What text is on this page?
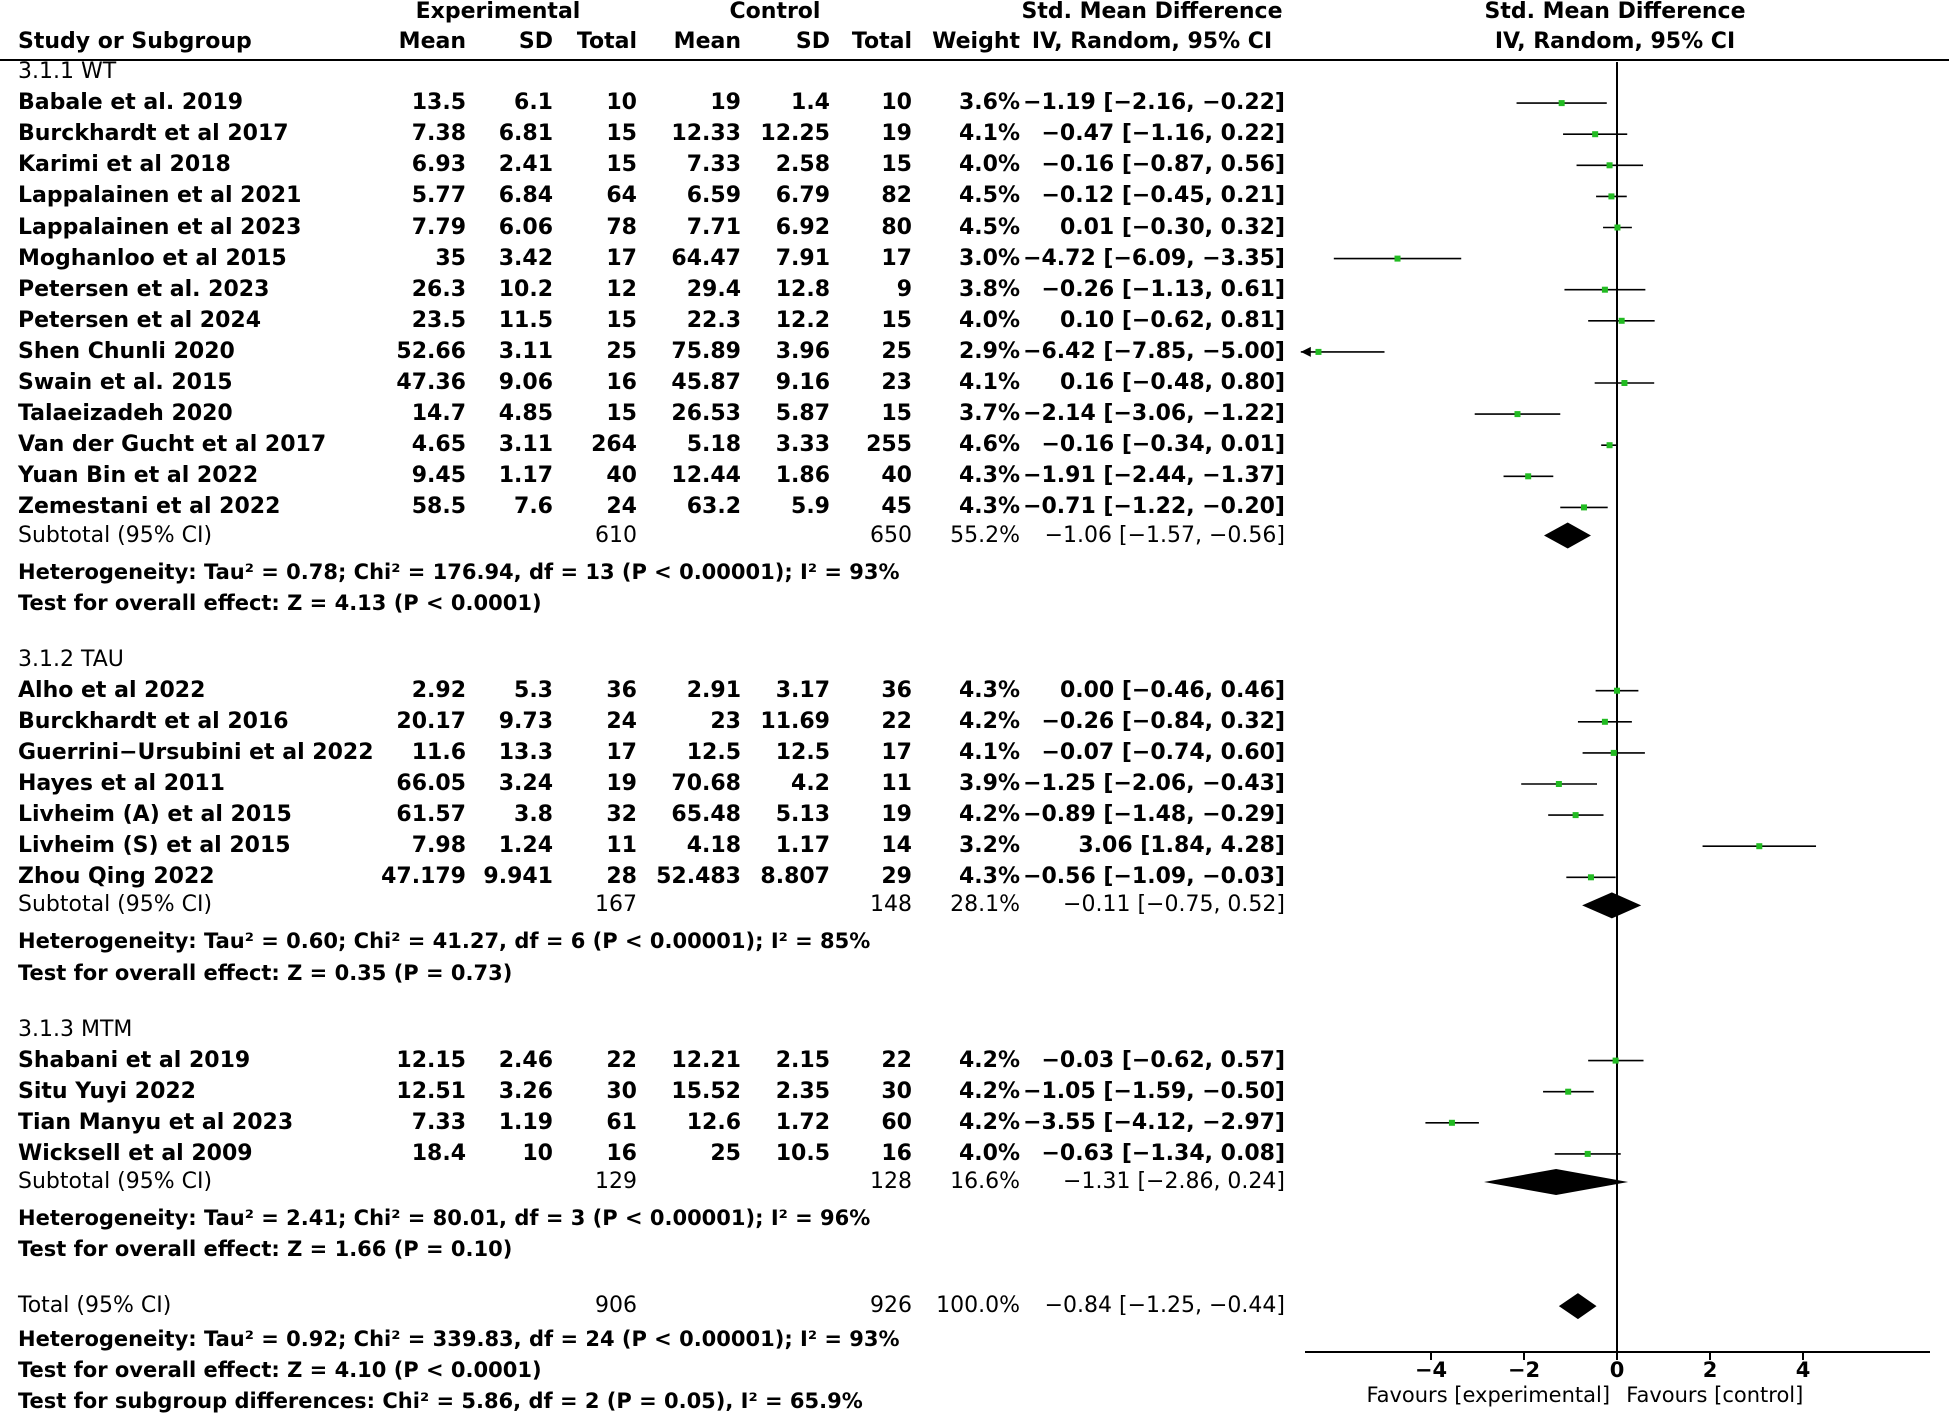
Experimental	Control	Std. Mean Difference	Std. Mean Difference
Study or Subgroup	Mean SD Total Mean SD Total Weight IV, Random, 95% CI	IV, Random, 95% CI
3.1.1 WT
Babale et al. 2019	13.5 6.1 10	19 1.4 10 3.6% −1.19 [−2.16, −0.22]
Burckhardt et al 2017	7.38 6.81 15 12.33 12.25 19 4.1% −0.47 [−1.16, 0.22]
Karimi et al 2018	6.93 2.41 15 7.33 2.58 15 4.0% −0.16 [−0.87, 0.56]
Lappalainen et al 2021	5.77 6.84 64 6.59 6.79 82 4.5% −0.12 [−0.45, 0.21]
Lappalainen et al 2023	7.79 6.06 78 7.71 6.92 80 4.5% 0.01 [−0.30, 0.32]
Moghanloo et al 2015	35 3.42 17 64.47 7.91 17 3.0% −4.72 [−6.09, −3.35]
Petersen et al. 2023	26.3 10.2 12 29.4 12.8	9 3.8% −0.26 [−1.13, 0.61]
Petersen et al 2024	23.5 11.5 15 22.3 12.2 15 4.0% 0.10 [−0.62, 0.81]
Shen Chunli 2020	52.66 3.11 25 75.89 3.96 25 2.9% −6.42 [−7.85, −5.00]
Swain et al. 2015	47.36 9.06 16 45.87 9.16 23 4.1% 0.16 [−0.48, 0.80]
Talaeizadeh 2020	14.7 4.85 15 26.53 5.87 15 3.7% −2.14 [−3.06, −1.22]
Van der Gucht et al 2017	4.65 3.11 264 5.18 3.33 255 4.6% −0.16 [−0.34, 0.01]
Yuan Bin et al 2022	9.45 1.17 40 12.44 1.86 40 4.3% −1.91 [−2.44, −1.37]
Zemestani et al 2022	58.5 7.6 24 63.2 5.9 45 4.3% −0.71 [−1.22, −0.20]
Subtotal (95% CI)	610	650 55.2% −1.06 [−1.57, −0.56]
Heterogeneity: Tau² = 0.78; Chi² = 176.94, df = 13 (P < 0.00001); I² = 93%
Test for overall effect: Z = 4.13 (P < 0.0001)
3.1.2 TAU
Alho et al 2022	2.92 5.3 36 2.91 3.17 36 4.3% 0.00 [−0.46, 0.46]
Burckhardt et al 2016	20.17 9.73 24	23 11.69 22 4.2% −0.26 [−0.84, 0.32]
Guerrini−Ursubini et al 2022 11.6 13.3 17 12.5 12.5 17 4.1% −0.07 [−0.74, 0.60]
Hayes et al 2011	66.05 3.24 19 70.68 4.2 11 3.9% −1.25 [−2.06, −0.43]
Livheim (A) et al 2015	61.57 3.8 32 65.48 5.13 19 4.2% −0.89 [−1.48, −0.29]
Livheim (S) et al 2015	7.98 1.24 11 4.18 1.17 14 3.2%	3.06 [1.84, 4.28]
Zhou Qing 2022	47.179 9.941 28 52.483 8.807 29 4.3% −0.56 [−1.09, −0.03]
Subtotal (95% CI)	167	148 28.1% −0.11 [−0.75, 0.52]
Heterogeneity: Tau² = 0.60; Chi² = 41.27, df = 6 (P < 0.00001); I² = 85%
Test for overall effect: Z = 0.35 (P = 0.73)
3.1.3 MTM
Shabani et al 2019	12.15 2.46 22 12.21 2.15 22 4.2% −0.03 [−0.62, 0.57]
Situ Yuyi 2022	12.51 3.26 30 15.52 2.35 30 4.2% −1.05 [−1.59, −0.50]
Tian Manyu et al 2023	7.33 1.19 61 12.6 1.72 60 4.2% −3.55 [−4.12, −2.97]
Wicksell et al 2009	18.4	10 16	25 10.5 16 4.0% −0.63 [−1.34, 0.08]
Subtotal (95% CI)	129	128 16.6% −1.31 [−2.86, 0.24]
Heterogeneity: Tau² = 2.41; Chi² = 80.01, df = 3 (P < 0.00001); I² = 96%
Test for overall effect: Z = 1.66 (P = 0.10)
Total (95% CI)	906	926 100.0% −0.84 [−1.25, −0.44]
Heterogeneity: Tau² = 0.92; Chi² = 339.83, df = 24 (P < 0.00001); I² = 93%
Test for overall effect: Z = 4.10 (P < 0.0001)
Test for subgroup differences: Chi² = 5.86, df = 2 (P = 0.05), I² = 65.9%
−4	−2	0	2	4
Favours [experimental] Favours [control]
